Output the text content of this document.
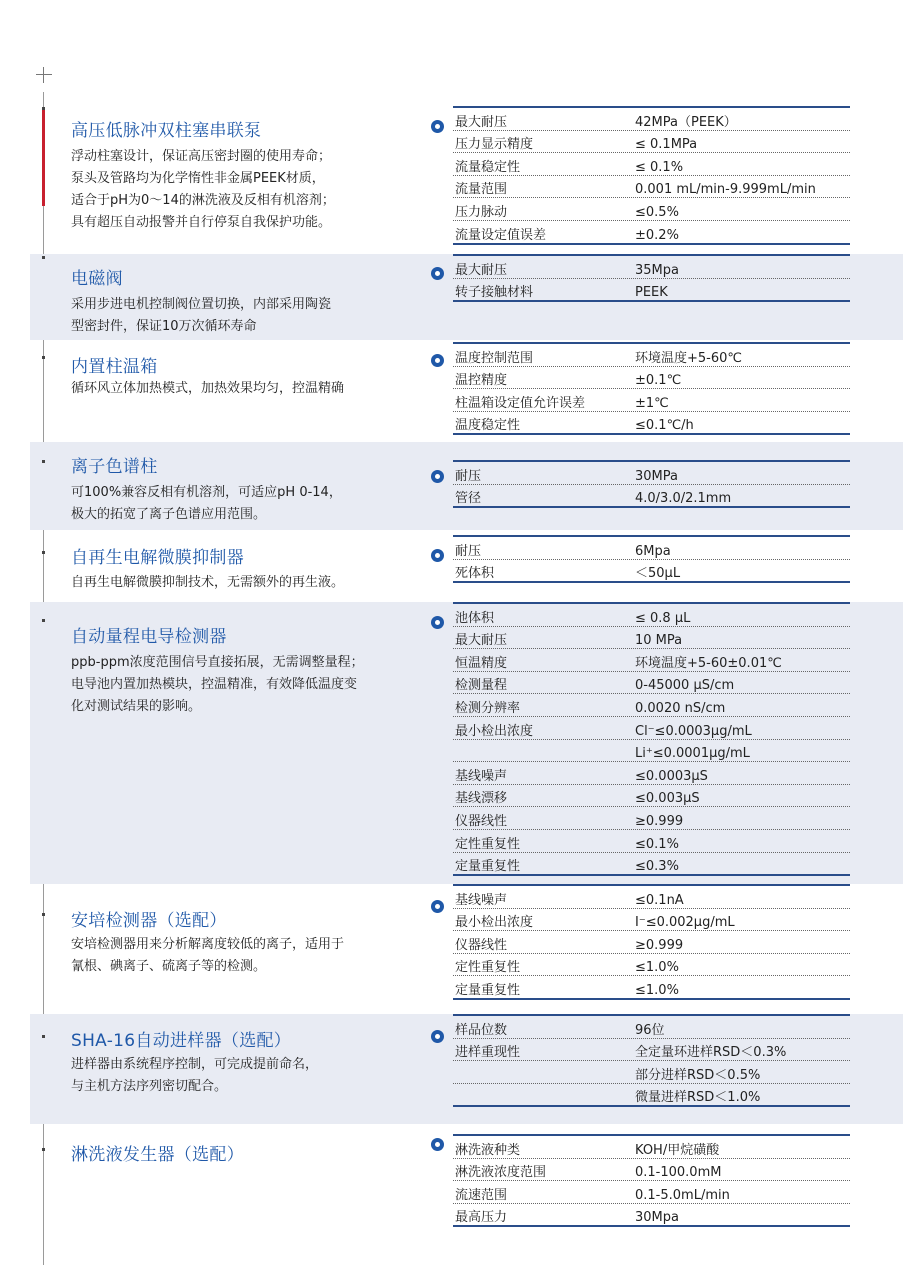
高压低脉冲双柱塞串联泵
浮动柱塞设计，保证高压密封圈的使用寿命；
泵头及管路均为化学惰性非金属PEEK材质，
适合于pH为0～14的淋洗液及反相有机溶剂；
具有超压自动报警并自行停泵自我保护功能。
最大耐压	42MPa（PEEK）
压力显示精度	≤ 0.1MPa
流量稳定性	≤ 0.1%
流量范围	0.001 mL/min-9.999mL/min
压力脉动	≤0.5%
流量设定值误差	±0.2%
电磁阀
采用步进电机控制阀位置切换，内部采用陶瓷
型密封件，保证10万次循环寿命
最大耐压	35Mpa
转子接触材料	PEEK
内置柱温箱
循环风立体加热模式，加热效果均匀，控温精确
温度控制范围	环境温度+5-60℃
温控精度	±0.1℃
柱温箱设定值允许误差	±1℃
温度稳定性	≤0.1℃/h
离子色谱柱
可100%兼容反相有机溶剂，可适应pH 0-14，
极大的拓宽了离子色谱应用范围。
耐压	30MPa
管径	4.0/3.0/2.1mm
自再生电解微膜抑制器
自再生电解微膜抑制技术，无需额外的再生液。
耐压	6Mpa
死体积	＜50μL
自动量程电导检测器
ppb-ppm浓度范围信号直接拓展，无需调整量程；
电导池内置加热模块，控温精准，有效降低温度变
化对测试结果的影响。
池体积	≤ 0.8 μL
最大耐压	10 MPa
恒温精度	环境温度+5-60±0.01℃
检测量程	0-45000 μS/cm
检测分辨率	0.0020 nS/cm
最小检出浓度	Cl⁻≤0.0003μg/mL
Li⁺≤0.0001μg/mL
基线噪声	≤0.0003μS
基线漂移	≤0.003μS
仪器线性	≥0.999
定性重复性	≤0.1%
定量重复性	≤0.3%
安培检测器（选配）
安培检测器用来分析解离度较低的离子，适用于
氰根、碘离子、硫离子等的检测。
基线噪声	≤0.1nA
最小检出浓度	I⁻≤0.002μg/mL
仪器线性	≥0.999
定性重复性	≤1.0%
定量重复性	≤1.0%
SHA-16自动进样器（选配）
进样器由系统程序控制，可完成提前命名，
与主机方法序列密切配合。
样品位数	96位
进样重现性	全定量环进样RSD＜0.3%
部分进样RSD＜0.5%
微量进样RSD＜1.0%
淋洗液发生器（选配）	淋洗液种类	KOH/甲烷磺酸
淋洗液浓度范围	0.1-100.0mM
流速范围	0.1-5.0mL/min
最高压力	30Mpa
